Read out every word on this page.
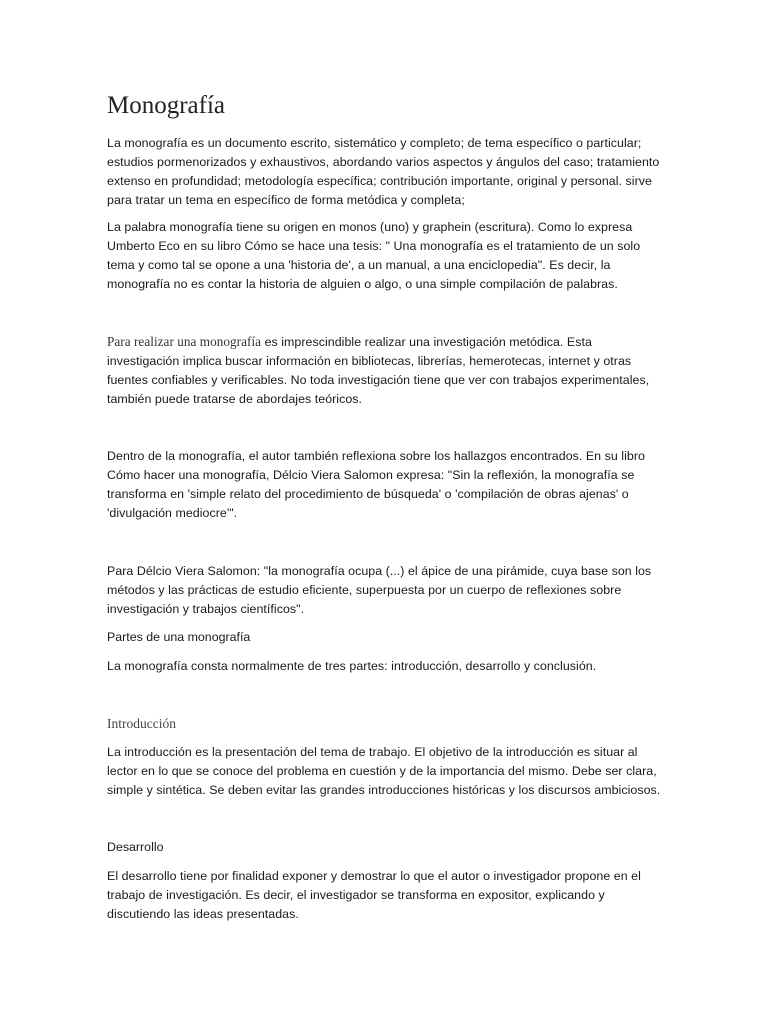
Monografía

La monografía es un documento escrito, sistemático y completo; de tema específico o particular; estudios pormenorizados y exhaustivos, abordando varios aspectos y ángulos del caso; tratamiento extenso en profundidad; metodología específica; contribución importante, original y personal. sirve para tratar un tema en específico de forma metódica y completa;

La palabra monografía tiene su origen en monos (uno) y graphein (escritura). Como lo expresa Umberto Eco en su libro Cómo se hace una tesis: " Una monografía es el tratamiento de un solo tema y como tal se opone a una 'historia de', a un manual, a una enciclopedia". Es decir, la monografía no es contar la historia de alguien o algo, o una simple compilación de palabras.

Para realizar una monografía es imprescindible realizar una investigación metódica. Esta investigación implica buscar información en bibliotecas, librerías, hemerotecas, internet y otras fuentes confiables y verificables. No toda investigación tiene que ver con trabajos experimentales, también puede tratarse de abordajes teóricos.

Dentro de la monografía, el autor también reflexiona sobre los hallazgos encontrados. En su libro Cómo hacer una monografía, Délcio Viera Salomon expresa: "Sin la reflexión, la monografía se transforma en 'simple relato del procedimiento de búsqueda' o 'compilación de obras ajenas' o 'divulgación mediocre'".

Para Délcio Viera Salomon: "la monografía ocupa (...) el ápice de una pirámide, cuya base son los métodos y las prácticas de estudio eficiente, superpuesta por un cuerpo de reflexiones sobre investigación y trabajos científicos".

Partes de una monografía

La monografía consta normalmente de tres partes: introducción, desarrollo y conclusión.

Introducción

La introducción es la presentación del tema de trabajo. El objetivo de la introducción es situar al lector en lo que se conoce del problema en cuestión y de la importancia del mismo. Debe ser clara, simple y sintética. Se deben evitar las grandes introducciones históricas y los discursos ambiciosos.

Desarrollo

El desarrollo tiene por finalidad exponer y demostrar lo que el autor o investigador propone en el trabajo de investigación. Es decir, el investigador se transforma en expositor, explicando y discutiendo las ideas presentadas.
